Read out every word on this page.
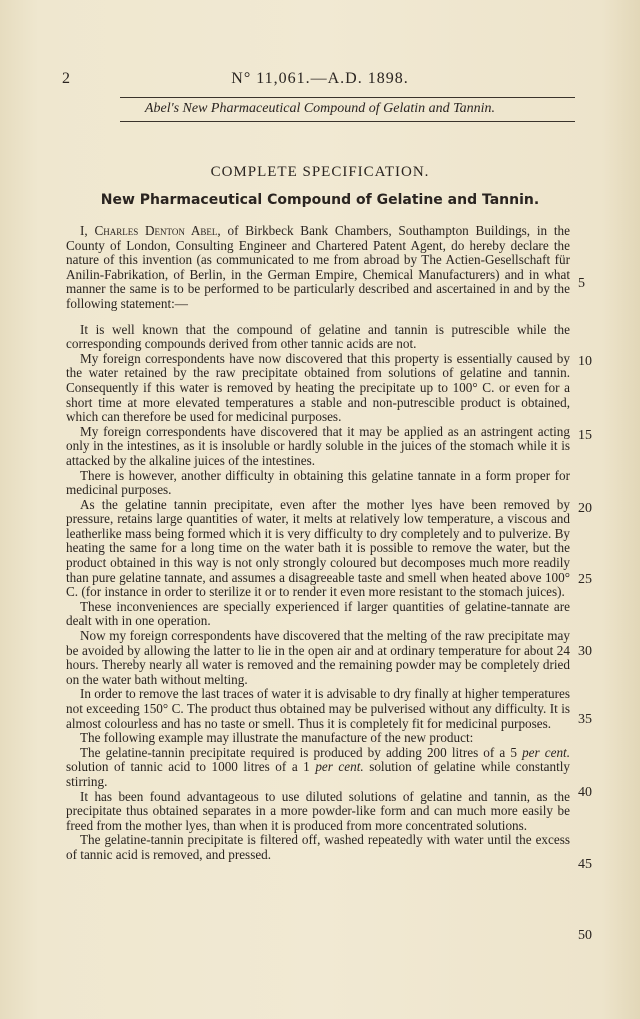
2	N° 11,061.—A.D. 1898.
Abel's New Pharmaceutical Compound of Gelatin and Tannin.
COMPLETE SPECIFICATION.
New Pharmaceutical Compound of Gelatine and Tannin.

I, Charles Denton Abel, of Birkbeck Bank Chambers, Southampton Buildings, in the County of London, Consulting Engineer and Chartered Patent Agent, do hereby declare the nature of this invention (as communicated to me from abroad by The Actien-Gesellschaft für Anilin-Fabrikation, of Berlin, in the German Empire, Chemical Manufacturers) and in what manner the same is to be performed to be particularly described and ascertained in and by the following statement:—

It is well known that the compound of gelatine and tannin is putrescible while the corresponding compounds derived from other tannic acids are not.

My foreign correspondents have now discovered that this property is essentially caused by the water retained by the raw precipitate obtained from solutions of gelatine and tannin. Consequently if this water is removed by heating the precipitate up to 100° C. or even for a short time at more elevated temperatures a stable and non-putrescible product is obtained, which can therefore be used for medicinal purposes.

My foreign correspondents have discovered that it may be applied as an astringent acting only in the intestines, as it is insoluble or hardly soluble in the juices of the stomach while it is attacked by the alkaline juices of the intestines.

There is however, another difficulty in obtaining this gelatine tannate in a form proper for medicinal purposes.

As the gelatine tannin precipitate, even after the mother lyes have been removed by pressure, retains large quantities of water, it melts at relatively low temperature, a viscous and leatherlike mass being formed which it is very difficulty to dry completely and to pulverize. By heating the same for a long time on the water bath it is possible to remove the water, but the product obtained in this way is not only strongly coloured but decomposes much more readily than pure gelatine tannate, and assumes a disagreeable taste and smell when heated above 100° C. (for instance in order to sterilize it or to render it even more resistant to the stomach juices).

These inconveniences are specially experienced if larger quantities of gelatine-tannate are dealt with in one operation.

Now my foreign correspondents have discovered that the melting of the raw precipitate may be avoided by allowing the latter to lie in the open air and at ordinary temperature for about 24 hours. Thereby nearly all water is removed and the remaining powder may be completely dried on the water bath without melting.

In order to remove the last traces of water it is advisable to dry finally at higher temperatures not exceeding 150° C. The product thus obtained may be pulverised without any difficulty. It is almost colourless and has no taste or smell. Thus it is completely fit for medicinal purposes.

The following example may illustrate the manufacture of the new product:

The gelatine-tannin precipitate required is produced by adding 200 litres of a 5 per cent. solution of tannic acid to 1000 litres of a 1 per cent. solution of gelatine while constantly stirring.

It has been found advantageous to use diluted solutions of gelatine and tannin, as the precipitate thus obtained separates in a more powder-like form and can much more easily be freed from the mother lyes, than when it is produced from more concentrated solutions.

The gelatine-tannin precipitate is filtered off, washed repeatedly with water until the excess of tannic acid is removed, and pressed.

5
10
15
20
25
30
35
40
45
50
